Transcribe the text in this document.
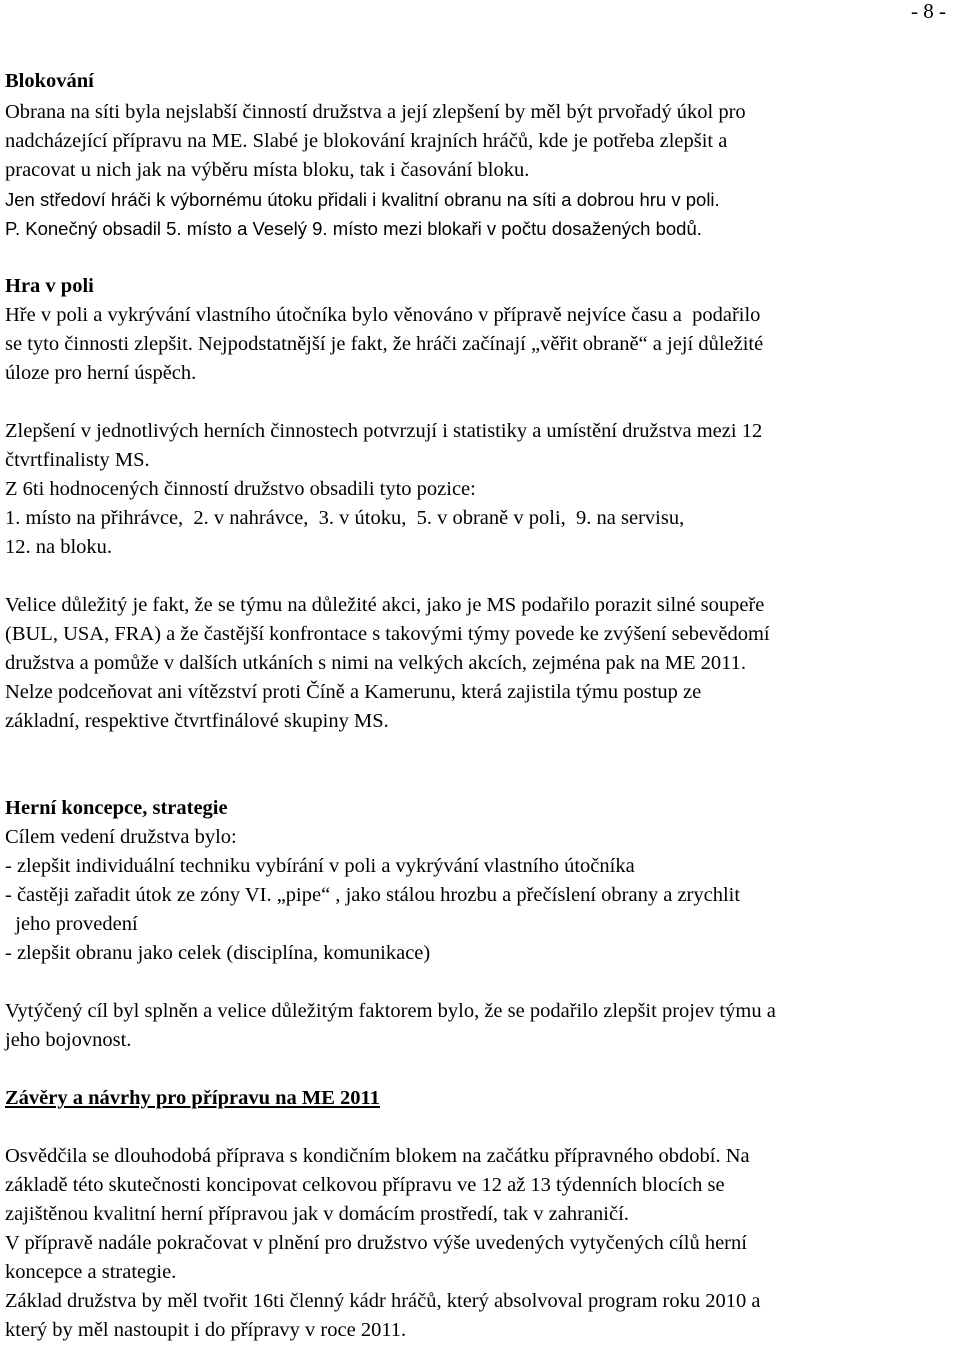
- 8 -
Blokování
Obrana na síti byla nejslabší činností družstva a její zlepšení by měl být prvořadý úkol pro
nadcházející přípravu na ME. Slabé je blokování krajních hráčů, kde je potřeba zlepšit a
pracovat u nich jak na výběru místa bloku, tak i časování bloku.
Jen středoví hráči k výbornému útoku přidali i kvalitní obranu na síti a dobrou hru v poli.
P. Konečný obsadil 5. místo a Veselý 9. místo mezi blokaři v počtu dosažených bodů.
Hra v poli
Hře v poli a vykrývání vlastního útočníka bylo věnováno v přípravě nejvíce času a  podařilo
se tyto činnosti zlepšit. Nejpodstatnější je fakt, že hráči začínají „věřit obraně“ a její důležité
úloze pro herní úspěch.
Zlepšení v jednotlivých herních činnostech potvrzují i statistiky a umístění družstva mezi 12
čtvrtfinalisty MS.
Z 6ti hodnocených činností družstvo obsadili tyto pozice:
1. místo na přihrávce,  2. v nahrávce,  3. v útoku,  5. v obraně v poli,  9. na servisu,
12. na bloku.
Velice důležitý je fakt, že se týmu na důležité akci, jako je MS podařilo porazit silné soupeře
(BUL, USA, FRA) a že častější konfrontace s takovými týmy povede ke zvýšení sebevědomí
družstva a pomůže v dalších utkáních s nimi na velkých akcích, zejména pak na ME 2011.
Nelze podceňovat ani vítězství proti Číně a Kamerunu, která zajistila týmu postup ze
základní, respektive čtvrtfinálové skupiny MS.
Herní koncepce, strategie
Cílem vedení družstva bylo:
- zlepšit individuální techniku vybírání v poli a vykrývání vlastního útočníka
- častěji zařadit útok ze zóny VI. „pipe“ , jako stálou hrozbu a přečíslení obrany a zrychlit
jeho provedení
- zlepšit obranu jako celek (disciplína, komunikace)
Vytýčený cíl byl splněn a velice důležitým faktorem bylo, že se podařilo zlepšit projev týmu a
jeho bojovnost.
Závěry a návrhy pro přípravu na ME 2011
Osvědčila se dlouhodobá příprava s kondičním blokem na začátku přípravného období. Na
základě této skutečnosti koncipovat celkovou přípravu ve 12 až 13 týdenních blocích se
zajištěnou kvalitní herní přípravou jak v domácím prostředí, tak v zahraničí.
V přípravě nadále pokračovat v plnění pro družstvo výše uvedených vytyčených cílů herní
koncepce a strategie.
Základ družstva by měl tvořit 16ti členný kádr hráčů, který absolvoval program roku 2010 a
který by měl nastoupit i do přípravy v roce 2011.
